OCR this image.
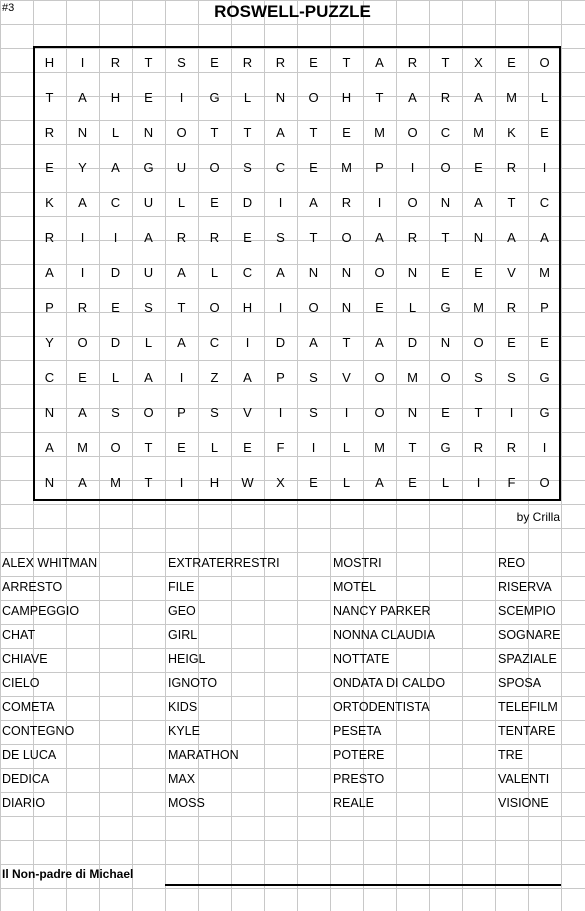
#3	ROSWELL-PUZZLE
H	I	R	T	S	E	R	R	E	T	A	R	T	X	E	O
T	A	H	E	I	G	L	N	O	H	T	A	R	A	M	L
R	N	L	N	O	T	T	A	T	E	M	O	C	M	K	E
E	Y	A	G	U	O	S	C	E	M	P	I	O	E	R	I
K	A	C	U	L	E	D	I	A	R	I	O	N	A	T	C
R	I	I	A	R	R	E	S	T	O	A	R	T	N	A	A
A	I	D	U	A	L	C	A	N	N	O	N	E	E	V	M
P	R	E	S	T	O	H	I	O	N	E	L	G	M	R	P
Y	O	D	L	A	C	I	D	A	T	A	D	N	O	E	E
C	E	L	A	I	Z	A	P	S	V	O	M	O	S	S	G
N	A	S	O	P	S	V	I	S	I	O	N	E	T	I	G
A	M	O	T	E	L	E	F	I	L	M	T	G	R	R	I
N	A	M	T	I	H	W	X	E	L	A	E	L	I	F	O
by Crilla
ALEX WHITMAN
ARRESTO
CAMPEGGIO
CHAT
CHIAVE
CIELO
COMETA
CONTEGNO
DE LUCA
DEDICA
DIARIO
EXTRATERRESTRI
FILE
GEO
GIRL
HEIGL
IGNOTO
KIDS
KYLE
MARATHON
MAX
MOSS
MOSTRI
MOTEL
NANCY PARKER
NONNA CLAUDIA
NOTTATE
ONDATA DI CALDO
ORTODENTISTA
PESETA
POTERE
PRESTO
REALE
REO
RISERVA
SCEMPIO
SOGNARE
SPAZIALE
SPOSA
TELEFILM
TENTARE
TRE
VALENTI
VISIONE
Il Non-padre di Michael
